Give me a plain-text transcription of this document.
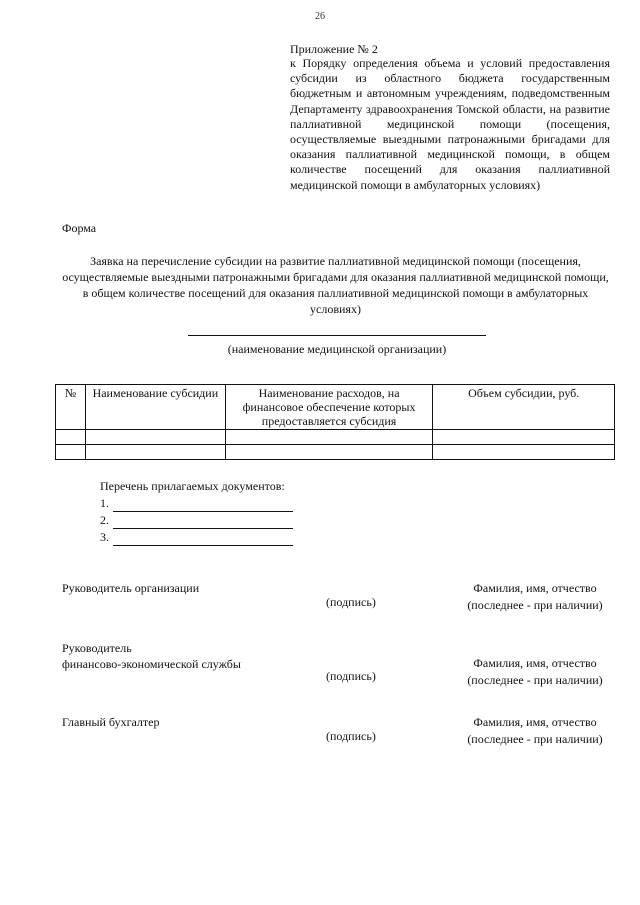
26
Приложение № 2
к Порядку определения объема и условий предоставления субсидии из областного бюджета государственным бюджетным и автономным учреждениям, подведомственным Департаменту здравоохранения Томской области, на развитие паллиативной медицинской помощи (посещения, осуществляемые выездными патронажными бригадами для оказания паллиативной медицинской помощи, в общем количестве посещений для оказания паллиативной медицинской помощи в амбулаторных условиях)
Форма
Заявка на перечисление субсидии на развитие паллиативной медицинской помощи (посещения, осуществляемые выездными патронажными бригадами для оказания паллиативной медицинской помощи, в общем количестве посещений для оказания паллиативной медицинской помощи в амбулаторных условиях)
(наименование медицинской организации)
№	Наименование субсидии	Наименование расходов, на финансовое обеспечение которых предоставляется субсидия	Объем субсидии, руб.

Перечень прилагаемых документов:
1.
2.
3.
Руководитель организации
(подпись)
Фамилия, имя, отчество
(последнее - при наличии)
Руководитель
финансово-экономической службы
(подпись)
Фамилия, имя, отчество
(последнее - при наличии)
Главный бухгалтер
(подпись)
Фамилия, имя, отчество
(последнее - при наличии)
